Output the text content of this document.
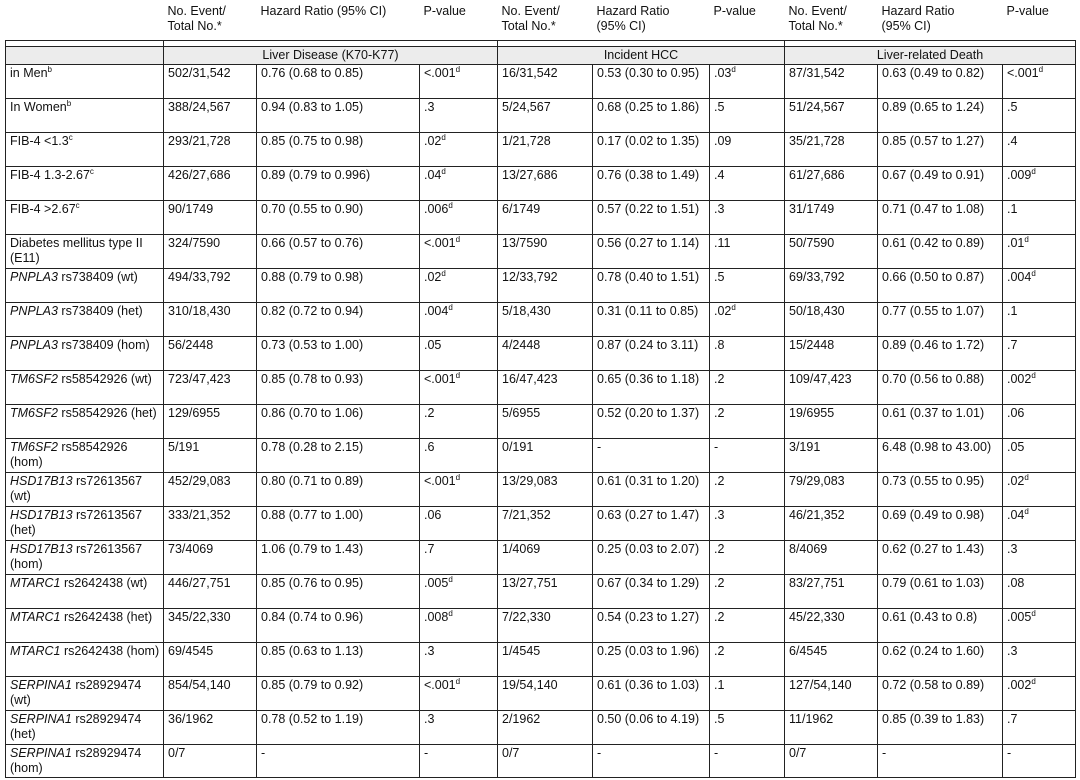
	No. Event/
Total No.*	Hazard Ratio (95% CI)	P-value	No. Event/
Total No.*	Hazard Ratio
(95% CI)	P-value	No. Event/
Total No.*	Hazard Ratio
(95% CI)	P-value

	Liver Disease (K70-K77)			Incident HCC			Liver-related Death		
in Men$^b$	502/31,542	0.76 (0.68 to 0.85)	<.001$^d$	16/31,542	0.53 (0.30 to 0.95)	.03$^d$	87/31,542	0.63 (0.49 to 0.82)	<.001$^d$
In Women$^b$	388/24,567	0.94 (0.83 to 1.05)	.3	5/24,567	0.68 (0.25 to 1.86)	.5	51/24,567	0.89 (0.65 to 1.24)	.5
FIB-4 <1.3$^c$	293/21,728	0.85 (0.75 to 0.98)	.02$^d$	1/21,728	0.17 (0.02 to 1.35)	.09	35/21,728	0.85 (0.57 to 1.27)	.4
FIB-4 1.3-2.67$^c$	426/27,686	0.89 (0.79 to 0.996)	.04$^d$	13/27,686	0.76 (0.38 to 1.49)	.4	61/27,686	0.67 (0.49 to 0.91)	.009$^d$
FIB-4 >2.67$^c$	90/1749	0.70 (0.55 to 0.90)	.006$^d$	6/1749	0.57 (0.22 to 1.51)	.3	31/1749	0.71 (0.47 to 1.08)	.1
Diabetes mellitus type II (E11)	324/7590	0.66 (0.57 to 0.76)	<.001$^d$	13/7590	0.56 (0.27 to 1.14)	.11	50/7590	0.61 (0.42 to 0.89)	.01$^d$
PNPLA3 rs738409 (wt)	494/33,792	0.88 (0.79 to 0.98)	.02$^d$	12/33,792	0.78 (0.40 to 1.51)	.5	69/33,792	0.66 (0.50 to 0.87)	.004$^d$
PNPLA3 rs738409 (het)	310/18,430	0.82 (0.72 to 0.94)	.004$^d$	5/18,430	0.31 (0.11 to 0.85)	.02$^d$	50/18,430	0.77 (0.55 to 1.07)	.1
PNPLA3 rs738409 (hom)	56/2448	0.73 (0.53 to 1.00)	.05	4/2448	0.87 (0.24 to 3.11)	.8	15/2448	0.89 (0.46 to 1.72)	.7
TM6SF2 rs58542926 (wt)	723/47,423	0.85 (0.78 to 0.93)	<.001$^d$	16/47,423	0.65 (0.36 to 1.18)	.2	109/47,423	0.70 (0.56 to 0.88)	.002$^d$
TM6SF2 rs58542926 (het)	129/6955	0.86 (0.70 to 1.06)	.2	5/6955	0.52 (0.20 to 1.37)	.2	19/6955	0.61 (0.37 to 1.01)	.06
TM6SF2 rs58542926 (hom)	5/191	0.78 (0.28 to 2.15)	.6	0/191	-	-	3/191	6.48 (0.98 to 43.00)	.05
HSD17B13 rs72613567 (wt)	452/29,083	0.80 (0.71 to 0.89)	<.001$^d$	13/29,083	0.61 (0.31 to 1.20)	.2	79/29,083	0.73 (0.55 to 0.95)	.02$^d$
HSD17B13 rs72613567 (het)	333/21,352	0.88 (0.77 to 1.00)	.06	7/21,352	0.63 (0.27 to 1.47)	.3	46/21,352	0.69 (0.49 to 0.98)	.04$^d$
HSD17B13 rs72613567 (hom)	73/4069	1.06 (0.79 to 1.43)	.7	1/4069	0.25 (0.03 to 2.07)	.2	8/4069	0.62 (0.27 to 1.43)	.3
MTARC1 rs2642438 (wt)	446/27,751	0.85 (0.76 to 0.95)	.005$^d$	13/27,751	0.67 (0.34 to 1.29)	.2	83/27,751	0.79 (0.61 to 1.03)	.08
MTARC1 rs2642438 (het)	345/22,330	0.84 (0.74 to 0.96)	.008$^d$	7/22,330	0.54 (0.23 to 1.27)	.2	45/22,330	0.61 (0.43 to 0.8)	.005$^d$
MTARC1 rs2642438 (hom)	69/4545	0.85 (0.63 to 1.13)	.3	1/4545	0.25 (0.03 to 1.96)	.2	6/4545	0.62 (0.24 to 1.60)	.3
SERPINA1 rs28929474 (wt)	854/54,140	0.85 (0.79 to 0.92)	<.001$^d$	19/54,140	0.61 (0.36 to 1.03)	.1	127/54,140	0.72 (0.58 to 0.89)	.002$^d$
SERPINA1 rs28929474 (het)	36/1962	0.78 (0.52 to 1.19)	.3	2/1962	0.50 (0.06 to 4.19)	.5	11/1962	0.85 (0.39 to 1.83)	.7
SERPINA1 rs28929474 (hom)	0/7	-	-	0/7	-	-	0/7	-	-
